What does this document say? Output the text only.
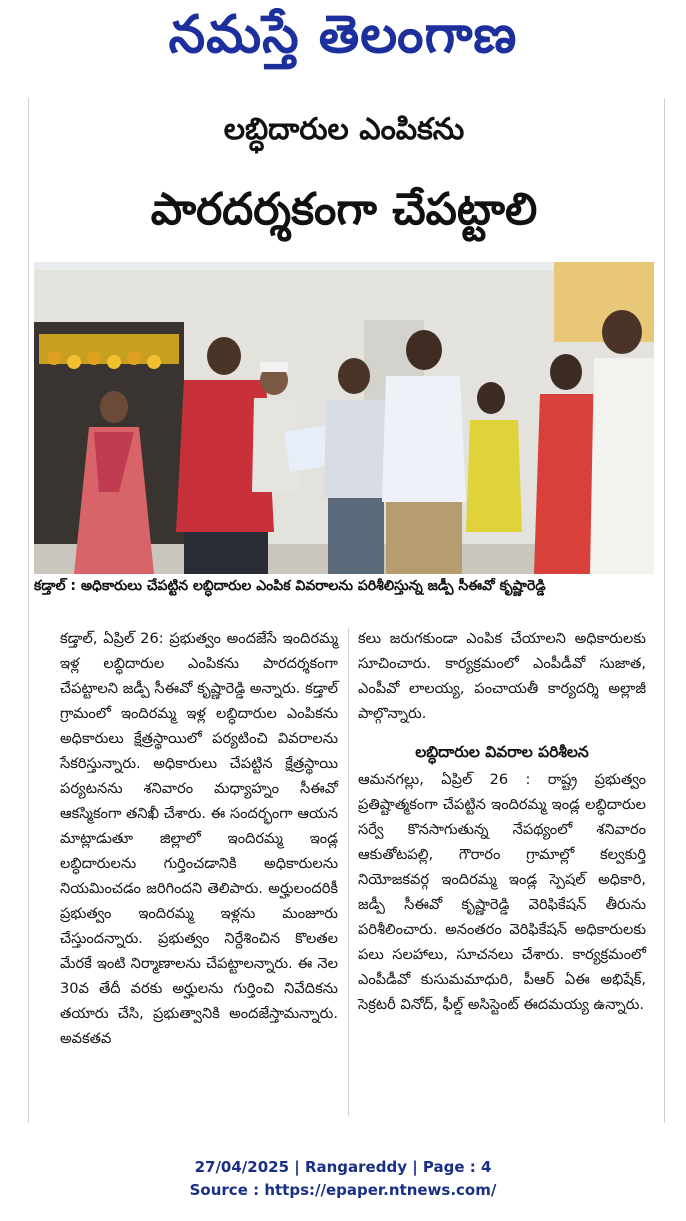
నమస్తే తెలంగాణ
లబ్ధిదారుల ఎంపికను
పారదర్శకంగా చేపట్టాలి
కడ్తాల్ : అధికారులు చేపట్టిన లబ్ధిదారుల ఎంపిక వివరాలను పరిశీలిస్తున్న జడ్పీ సీఈవో కృష్ణారెడ్డి

కడ్తాల్, ఏప్రిల్ 26: ప్రభుత్వం అందజేసే ఇందిరమ్మ ఇళ్ల లబ్ధిదారుల ఎంపికను పారదర్శకంగా చేపట్టాలని జడ్పీ సీఈవో కృష్ణారెడ్డి అన్నారు. కడ్తాల్ గ్రామంలో ఇందిరమ్మ ఇళ్ల లబ్ధిదారుల ఎంపికను అధికారులు క్షేత్రస్థాయిలో పర్యటించి వివరాలను సేకరిస్తున్నారు. అధికారులు చేపట్టిన క్షేత్రస్థాయి పర్యటనను శనివారం మధ్యాహ్నం సీఈవో ఆకస్మికంగా తనిఖీ చేశారు. ఈ సందర్భంగా ఆయన మాట్లాడుతూ జిల్లాలో ఇందిరమ్మ ఇండ్ల లబ్ధిదారులను గుర్తించడానికి అధికారులను నియమించడం జరిగిందని తెలిపారు. అర్హులందరికీ ప్రభుత్వం ఇందిరమ్మ ఇళ్లను మంజూరు చేస్తుందన్నారు. ప్రభుత్వం నిర్దేశించిన కొలతల మేరకే ఇంటి నిర్మాణాలను చేపట్టాలన్నారు. ఈ నెల 30వ తేదీ వరకు అర్హులను గుర్తించి నివేదికను తయారు చేసి, ప్రభుత్వానికి అందజేస్తామన్నారు. అవకతవ

కలు జరుగకుండా ఎంపిక చేయాలని అధికారులకు సూచించారు. కార్యక్రమంలో ఎంపీడీవో సుజాత, ఎంపీవో లాలయ్య, పంచాయతీ కార్యదర్శి అల్లాజీ పాల్గొన్నారు.

లబ్ధిదారుల వివరాల పరిశీలన

ఆమనగల్లు, ఏప్రిల్ 26 : రాష్ట్ర ప్రభుత్వం ప్రతిష్టాత్మకంగా చేపట్టిన ఇందిరమ్మ ఇండ్ల లబ్ధిదారుల సర్వే కొనసాగుతున్న నేపథ్యంలో శనివారం ఆకుతోటపల్లి, గౌరారం గ్రామాల్లో కల్వకుర్తి నియోజకవర్గ ఇందిరమ్మ ఇండ్ల స్పెషల్ అధికారి, జడ్పీ సీఈవో కృష్ణారెడ్డి వెరిఫికేషన్ తీరును పరిశీలించారు. అనంతరం వెరిఫికేషన్ అధికారులకు పలు సలహాలు, సూచనలు చేశారు. కార్యక్రమంలో ఎంపీడీవో కుసుమమాధురి, పీఆర్ ఏఈ అభిషేక్, సెక్రటరీ వినోద్, ఫీల్డ్ అసిస్టెంట్ ఈదమయ్య ఉన్నారు.

27/04/2025 | Rangareddy | Page : 4
Source : https://epaper.ntnews.com/
